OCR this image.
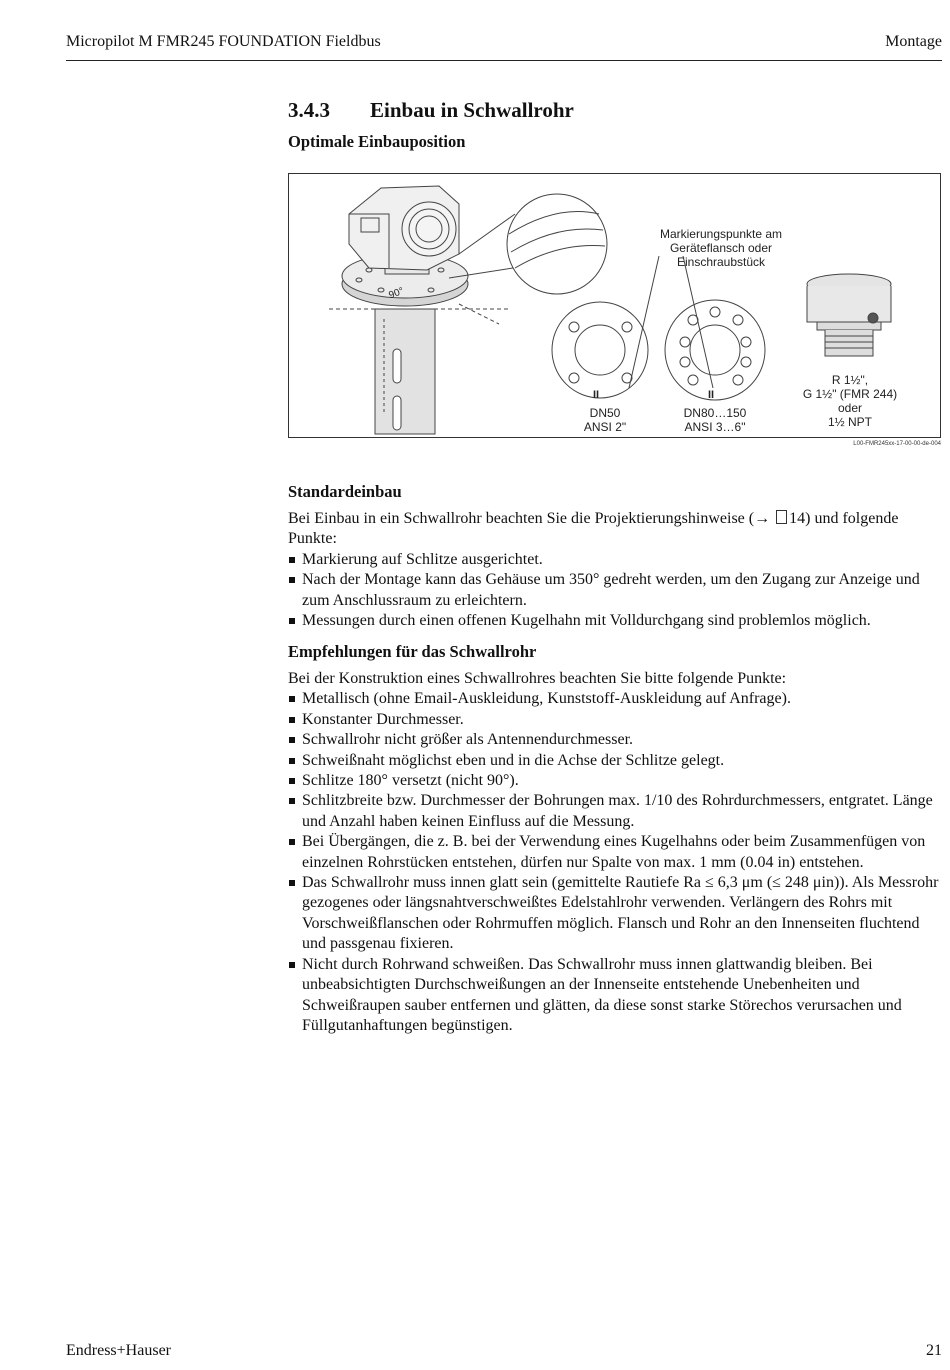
Micropilot M FMR245 FOUNDATION Fieldbus	Montage
3.4.3 Einbau in Schwallrohr
Optimale Einbauposition
Markierungspunkte am
Geräteflansch oder Einschraubstück
90°
II	II
DN50
ANSI 2"
DN80…150
ANSI 3…6"
R 1½",
G 1½" (FMR 244)
oder
1½ NPT
L00-FMR245xx-17-00-00-de-004
Standardeinbau

Bei Einbau in ein Schwallrohr beachten Sie die Projektierungshinweise (→ 14) und folgende Punkte:

Markierung auf Schlitze ausgerichtet.
Nach der Montage kann das Gehäuse um 350° gedreht werden, um den Zugang zur Anzeige und zum Anschlussraum zu erleichtern.
Messungen durch einen offenen Kugelhahn mit Volldurchgang sind problemlos möglich.
Empfehlungen für das Schwallrohr

Bei der Konstruktion eines Schwallrohres beachten Sie bitte folgende Punkte:

Metallisch (ohne Email-Auskleidung, Kunststoff-Auskleidung auf Anfrage).
Konstanter Durchmesser.
Schwallrohr nicht größer als Antennendurchmesser.
Schweißnaht möglichst eben und in die Achse der Schlitze gelegt.
Schlitze 180° versetzt (nicht 90°).
Schlitzbreite bzw. Durchmesser der Bohrungen max. 1/10 des Rohrdurchmessers, entgratet. Länge und Anzahl haben keinen Einfluss auf die Messung.
Bei Übergängen, die z. B. bei der Verwendung eines Kugelhahns oder beim Zusammenfügen von einzelnen Rohrstücken entstehen, dürfen nur Spalte von max. 1 mm (0.04 in) entstehen.
Das Schwallrohr muss innen glatt sein (gemittelte Rautiefe Ra ≤ 6,3 μm (≤ 248 μin)). Als Messrohr gezogenes oder längsnahtverschweißtes Edelstahlrohr verwenden. Verlängern des Rohrs mit Vorschweißflanschen oder Rohrmuffen möglich. Flansch und Rohr an den Innenseiten fluchtend und passgenau fixieren.
Nicht durch Rohrwand schweißen. Das Schwallrohr muss innen glattwandig bleiben. Bei unbeabsichtigten Durchschweißungen an der Innenseite entstehende Unebenheiten und Schweißraupen sauber entfernen und glätten, da diese sonst starke Störechos verursachen und Füllgutanhaftungen begünstigen.
Endress+Hauser	21
